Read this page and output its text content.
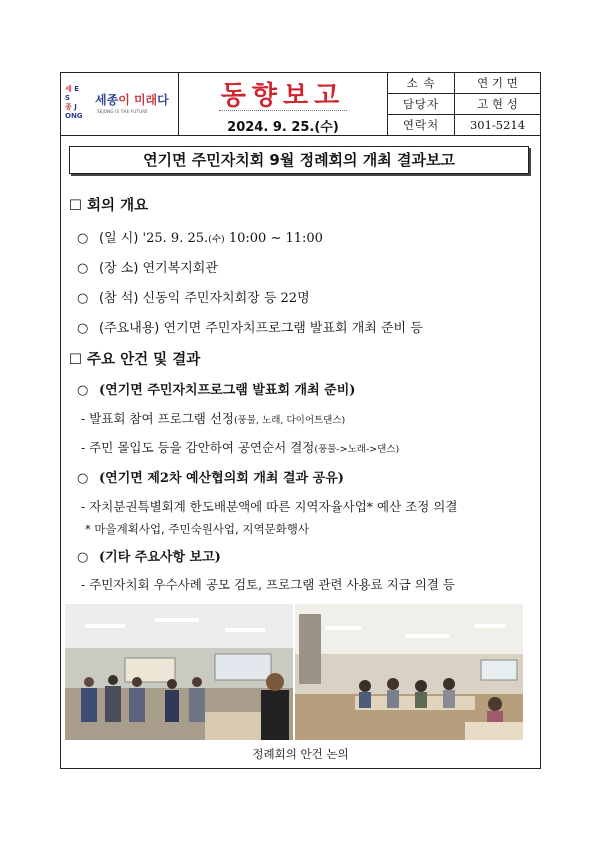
세 E
S
종 J
ONG
세종이 미래다
SEJONG IS THE FUTURE
동향보고
2024. 9. 25.(수)
소 속	연 기 면
담당자	고 현 성
연락처	301-5214
연기면 주민자치회 9월 정례회의 개최 결과보고
☐ 회의 개요
○ (일 시) '25. 9. 25.(수) 10:00 ~ 11:00
○ (장 소) 연기복지회관
○ (참 석) 신동익 주민자치회장 등 22명
○ (주요내용) 연기면 주민자치프로그램 발표회 개최 준비 등
☐ 주요 안건 및 결과
○ (연기면 주민자치프로그램 발표회 개최 준비)
- 발표회 참여 프로그램 선정(풍물, 노래, 다이어트댄스)
- 주민 몰입도 등을 감안하여 공연순서 결정(풍물->노래->댄스)
○ (연기면 제2차 예산협의회 개최 결과 공유)
- 자치분권특별회계 한도배분액에 따른 지역자율사업* 예산 조정 의결
* 마을계획사업, 주민숙원사업, 지역문화행사
○ (기타 주요사항 보고)
- 주민자치회 우수사례 공모 검토, 프로그램 관련 사용료 지급 의결 등
정례회의 안건 논의
